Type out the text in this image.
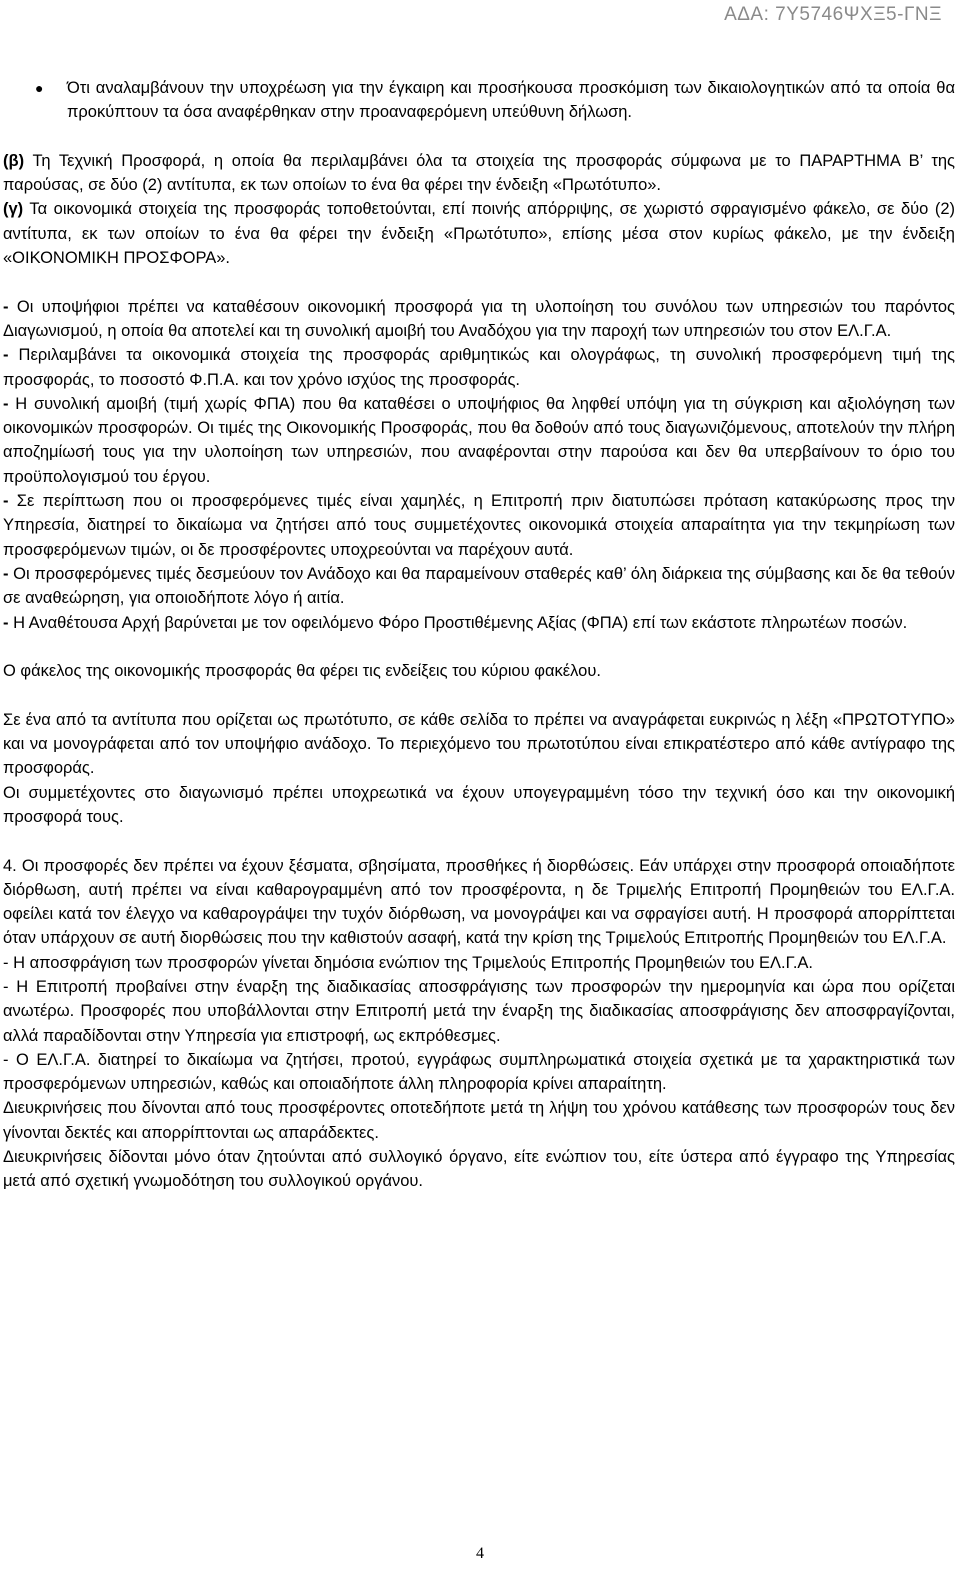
ΑΔΑ: 7Υ5746ΨΧΞ5-ΓΝΞ
● Ότι αναλαμβάνουν την υποχρέωση για την έγκαιρη και προσήκουσα προσκόμιση των δικαιολογητικών από τα οποία θα προκύπτουν τα όσα αναφέρθηκαν στην προαναφερόμενη υπεύθυνη δήλωση.

(β) Τη Τεχνική Προσφορά, η οποία θα περιλαμβάνει όλα τα στοιχεία της προσφοράς σύμφωνα με το ΠΑΡΑΡΤΗΜΑ Β’ της παρούσας, σε δύο (2) αντίτυπα, εκ των οποίων το ένα θα φέρει την ένδειξη «Πρωτότυπο».

(γ) Τα οικονομικά στοιχεία της προσφοράς τοποθετούνται, επί ποινής απόρριψης, σε χωριστό σφραγισμένο φάκελο, σε δύο (2) αντίτυπα, εκ των οποίων το ένα θα φέρει την ένδειξη «Πρωτότυπο», επίσης μέσα στον κυρίως φάκελο, με την ένδειξη «ΟΙΚΟΝΟΜΙΚΗ ΠΡΟΣΦΟΡΑ».

- Οι υποψήφιοι πρέπει να καταθέσουν οικονομική προσφορά για τη υλοποίηση του συνόλου των υπηρεσιών του παρόντος Διαγωνισμού, η οποία θα αποτελεί και τη συνολική αμοιβή του Αναδόχου για την παροχή των υπηρεσιών του στον ΕΛ.Γ.Α.

- Περιλαμβάνει τα οικονομικά στοιχεία της προσφοράς αριθμητικώς και ολογράφως, τη συνολική προσφερόμενη τιμή της προσφοράς, το ποσοστό Φ.Π.Α. και τον χρόνο ισχύος της προσφοράς.

- Η συνολική αμοιβή (τιμή χωρίς ΦΠΑ) που θα καταθέσει ο υποψήφιος θα ληφθεί υπόψη για τη σύγκριση και αξιολόγηση των οικονομικών προσφορών. Οι τιμές της Οικονομικής Προσφοράς, που θα δοθούν από τους διαγωνιζόμενους, αποτελούν την πλήρη αποζημίωσή τους για την υλοποίηση των υπηρεσιών, που αναφέρονται στην παρούσα και δεν θα υπερβαίνουν το όριο του προϋπολογισμού του έργου.

- Σε περίπτωση που οι προσφερόμενες τιμές είναι χαμηλές, η Επιτροπή πριν διατυπώσει πρόταση κατακύρωσης προς την Υπηρεσία, διατηρεί το δικαίωμα να ζητήσει από τους συμμετέχοντες οικονομικά στοιχεία απαραίτητα για την τεκμηρίωση των προσφερόμενων τιμών, οι δε προσφέροντες υποχρεούνται να παρέχουν αυτά.

- Οι προσφερόμενες τιμές δεσμεύουν τον Ανάδοχο και θα παραμείνουν σταθερές καθ’ όλη διάρκεια της σύμβασης και δε θα τεθούν σε αναθεώρηση, για οποιοδήποτε λόγο ή αιτία.

- Η Αναθέτουσα Αρχή βαρύνεται με τον οφειλόμενο Φόρο Προστιθέμενης Αξίας (ΦΠΑ) επί των εκάστοτε πληρωτέων ποσών.

Ο φάκελος της οικονομικής προσφοράς θα φέρει τις ενδείξεις του κύριου φακέλου.

Σε ένα από τα αντίτυπα που ορίζεται ως πρωτότυπο, σε κάθε σελίδα το πρέπει να αναγράφεται ευκρινώς η λέξη «ΠΡΩΤΟΤΥΠΟ» και να μονογράφεται από τον υποψήφιο ανάδοχο. Το περιεχόμενο του πρωτοτύπου είναι επικρατέστερο από κάθε αντίγραφο της προσφοράς.

Οι συμμετέχοντες στο διαγωνισμό πρέπει υποχρεωτικά να έχουν υπογεγραμμένη τόσο την τεχνική όσο και την οικονομική προσφορά τους.

4. Οι προσφορές δεν πρέπει να έχουν ξέσματα, σβησίματα, προσθήκες ή διορθώσεις. Εάν υπάρχει στην προσφορά οποιαδήποτε διόρθωση, αυτή πρέπει να είναι καθαρογραμμένη από τον προσφέροντα, η δε Τριμελής Επιτροπή Προμηθειών του ΕΛ.Γ.Α. οφείλει κατά τον έλεγχο να καθαρογράψει την τυχόν διόρθωση, να μονογράψει και να σφραγίσει αυτή. Η προσφορά απορρίπτεται όταν υπάρχουν σε αυτή διορθώσεις που την καθιστούν ασαφή, κατά την κρίση της Τριμελούς Επιτροπής Προμηθειών του ΕΛ.Γ.Α.

- Η αποσφράγιση των προσφορών γίνεται δημόσια ενώπιον της Τριμελούς Επιτροπής Προμηθειών του ΕΛ.Γ.Α.

- Η Επιτροπή προβαίνει στην έναρξη της διαδικασίας αποσφράγισης των προσφορών την ημερομηνία και ώρα που ορίζεται ανωτέρω. Προσφορές που υποβάλλονται στην Επιτροπή μετά την έναρξη της διαδικασίας αποσφράγισης δεν αποσφραγίζονται, αλλά παραδίδονται στην Υπηρεσία για επιστροφή, ως εκπρόθεσμες.

- Ο ΕΛ.Γ.Α. διατηρεί το δικαίωμα να ζητήσει, προτού, εγγράφως συμπληρωματικά στοιχεία σχετικά με τα χαρακτηριστικά των προσφερόμενων υπηρεσιών, καθώς και οποιαδήποτε άλλη πληροφορία κρίνει απαραίτητη.

Διευκρινήσεις που δίνονται από τους προσφέροντες οποτεδήποτε μετά τη λήψη του χρόνου κατάθεσης των προσφορών τους δεν γίνονται δεκτές και απορρίπτονται ως απαράδεκτες.

Διευκρινήσεις δίδονται μόνο όταν ζητούνται από συλλογικό όργανο, είτε ενώπιον του, είτε ύστερα από έγγραφο της Υπηρεσίας μετά από σχετική γνωμοδότηση του συλλογικού οργάνου.

4
